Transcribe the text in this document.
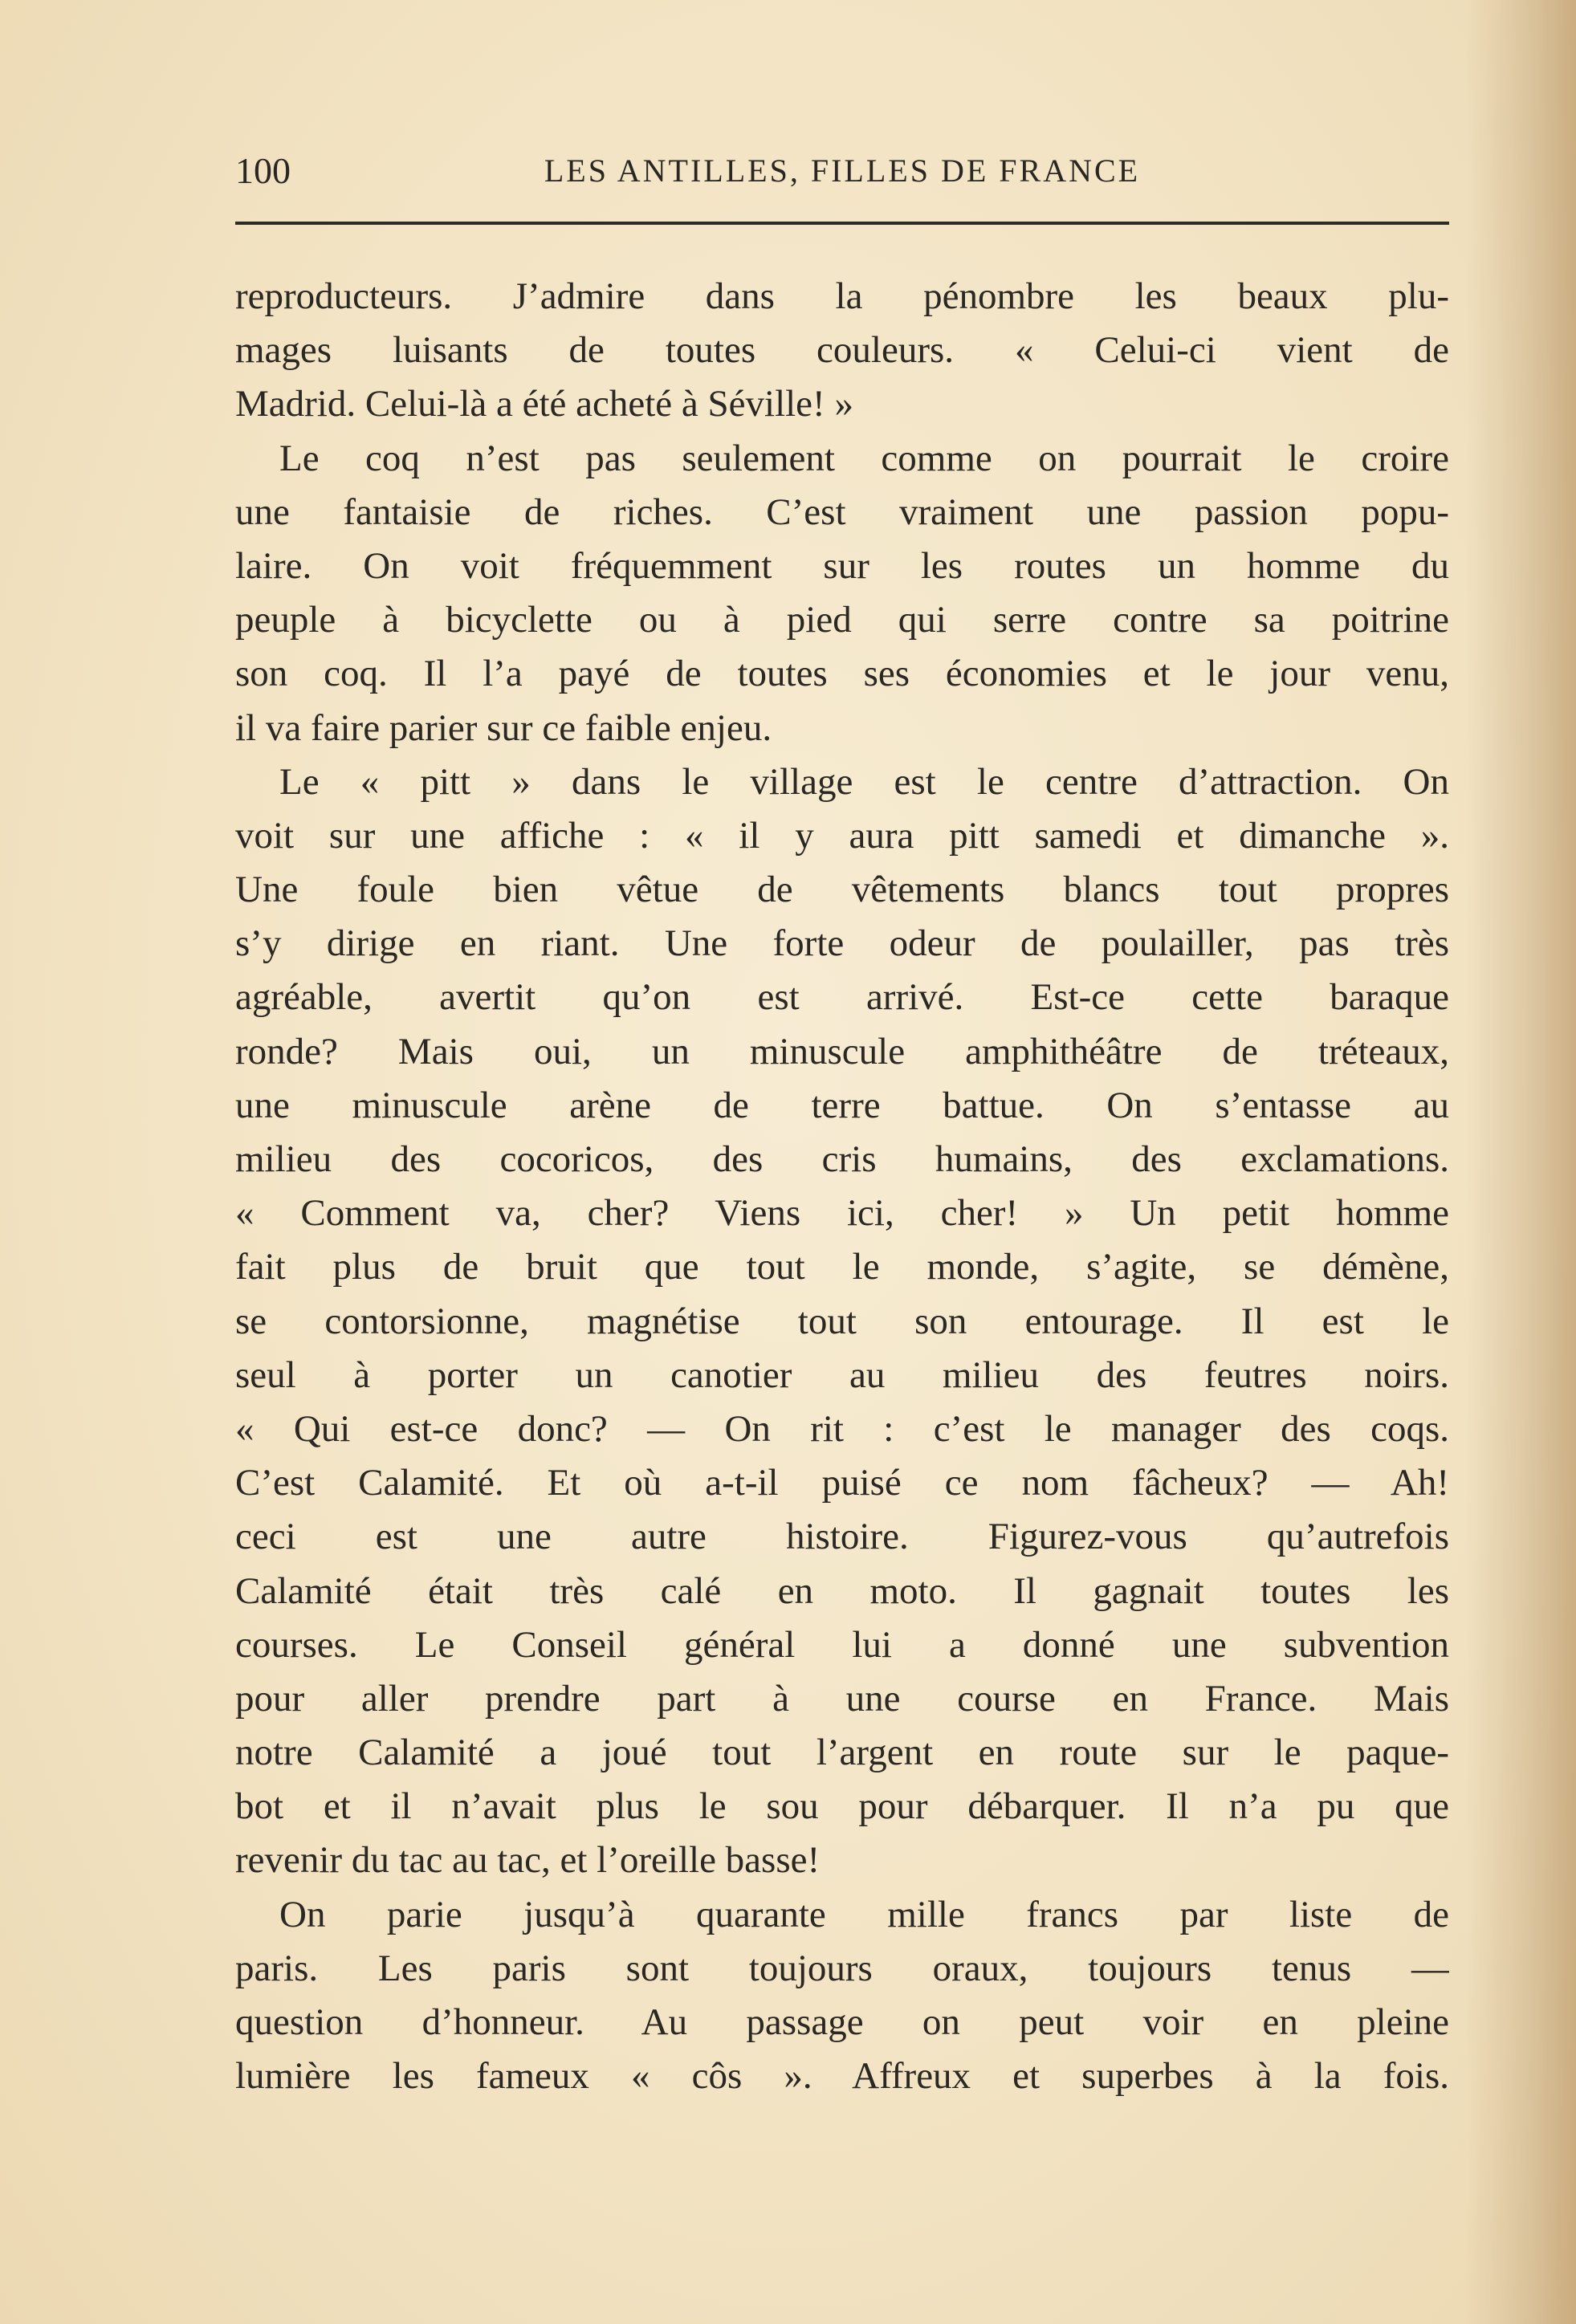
100	LES ANTILLES, FILLES DE FRANCE
reproducteurs. J’admire dans la pénombre les beaux plu-
mages luisants de toutes couleurs. « Celui-ci vient de
Madrid. Celui-là a été acheté à Séville! »
Le coq n’est pas seulement comme on pourrait le croire
une fantaisie de riches. C’est vraiment une passion popu-
laire. On voit fréquemment sur les routes un homme du
peuple à bicyclette ou à pied qui serre contre sa poitrine
son coq. Il l’a payé de toutes ses économies et le jour venu,
il va faire parier sur ce faible enjeu.
Le « pitt » dans le village est le centre d’attraction. On
voit sur une affiche : « il y aura pitt samedi et dimanche ».
Une foule bien vêtue de vêtements blancs tout propres
s’y dirige en riant. Une forte odeur de poulailler, pas très
agréable, avertit qu’on est arrivé. Est-ce cette baraque
ronde? Mais oui, un minuscule amphithéâtre de tréteaux,
une minuscule arène de terre battue. On s’entasse au
milieu des cocoricos, des cris humains, des exclamations.
« Comment va, cher? Viens ici, cher! » Un petit homme
fait plus de bruit que tout le monde, s’agite, se démène,
se contorsionne, magnétise tout son entourage. Il est le
seul à porter un canotier au milieu des feutres noirs.
« Qui est-ce donc? — On rit : c’est le manager des coqs.
C’est Calamité. Et où a-t-il puisé ce nom fâcheux? — Ah!
ceci est une autre histoire. Figurez-vous qu’autrefois
Calamité était très calé en moto. Il gagnait toutes les
courses. Le Conseil général lui a donné une subvention
pour aller prendre part à une course en France. Mais
notre Calamité a joué tout l’argent en route sur le paque-
bot et il n’avait plus le sou pour débarquer. Il n’a pu que
revenir du tac au tac, et l’oreille basse!
On parie jusqu’à quarante mille francs par liste de
paris. Les paris sont toujours oraux, toujours tenus —
question d’honneur. Au passage on peut voir en pleine
lumière les fameux « côs ». Affreux et superbes à la fois.
